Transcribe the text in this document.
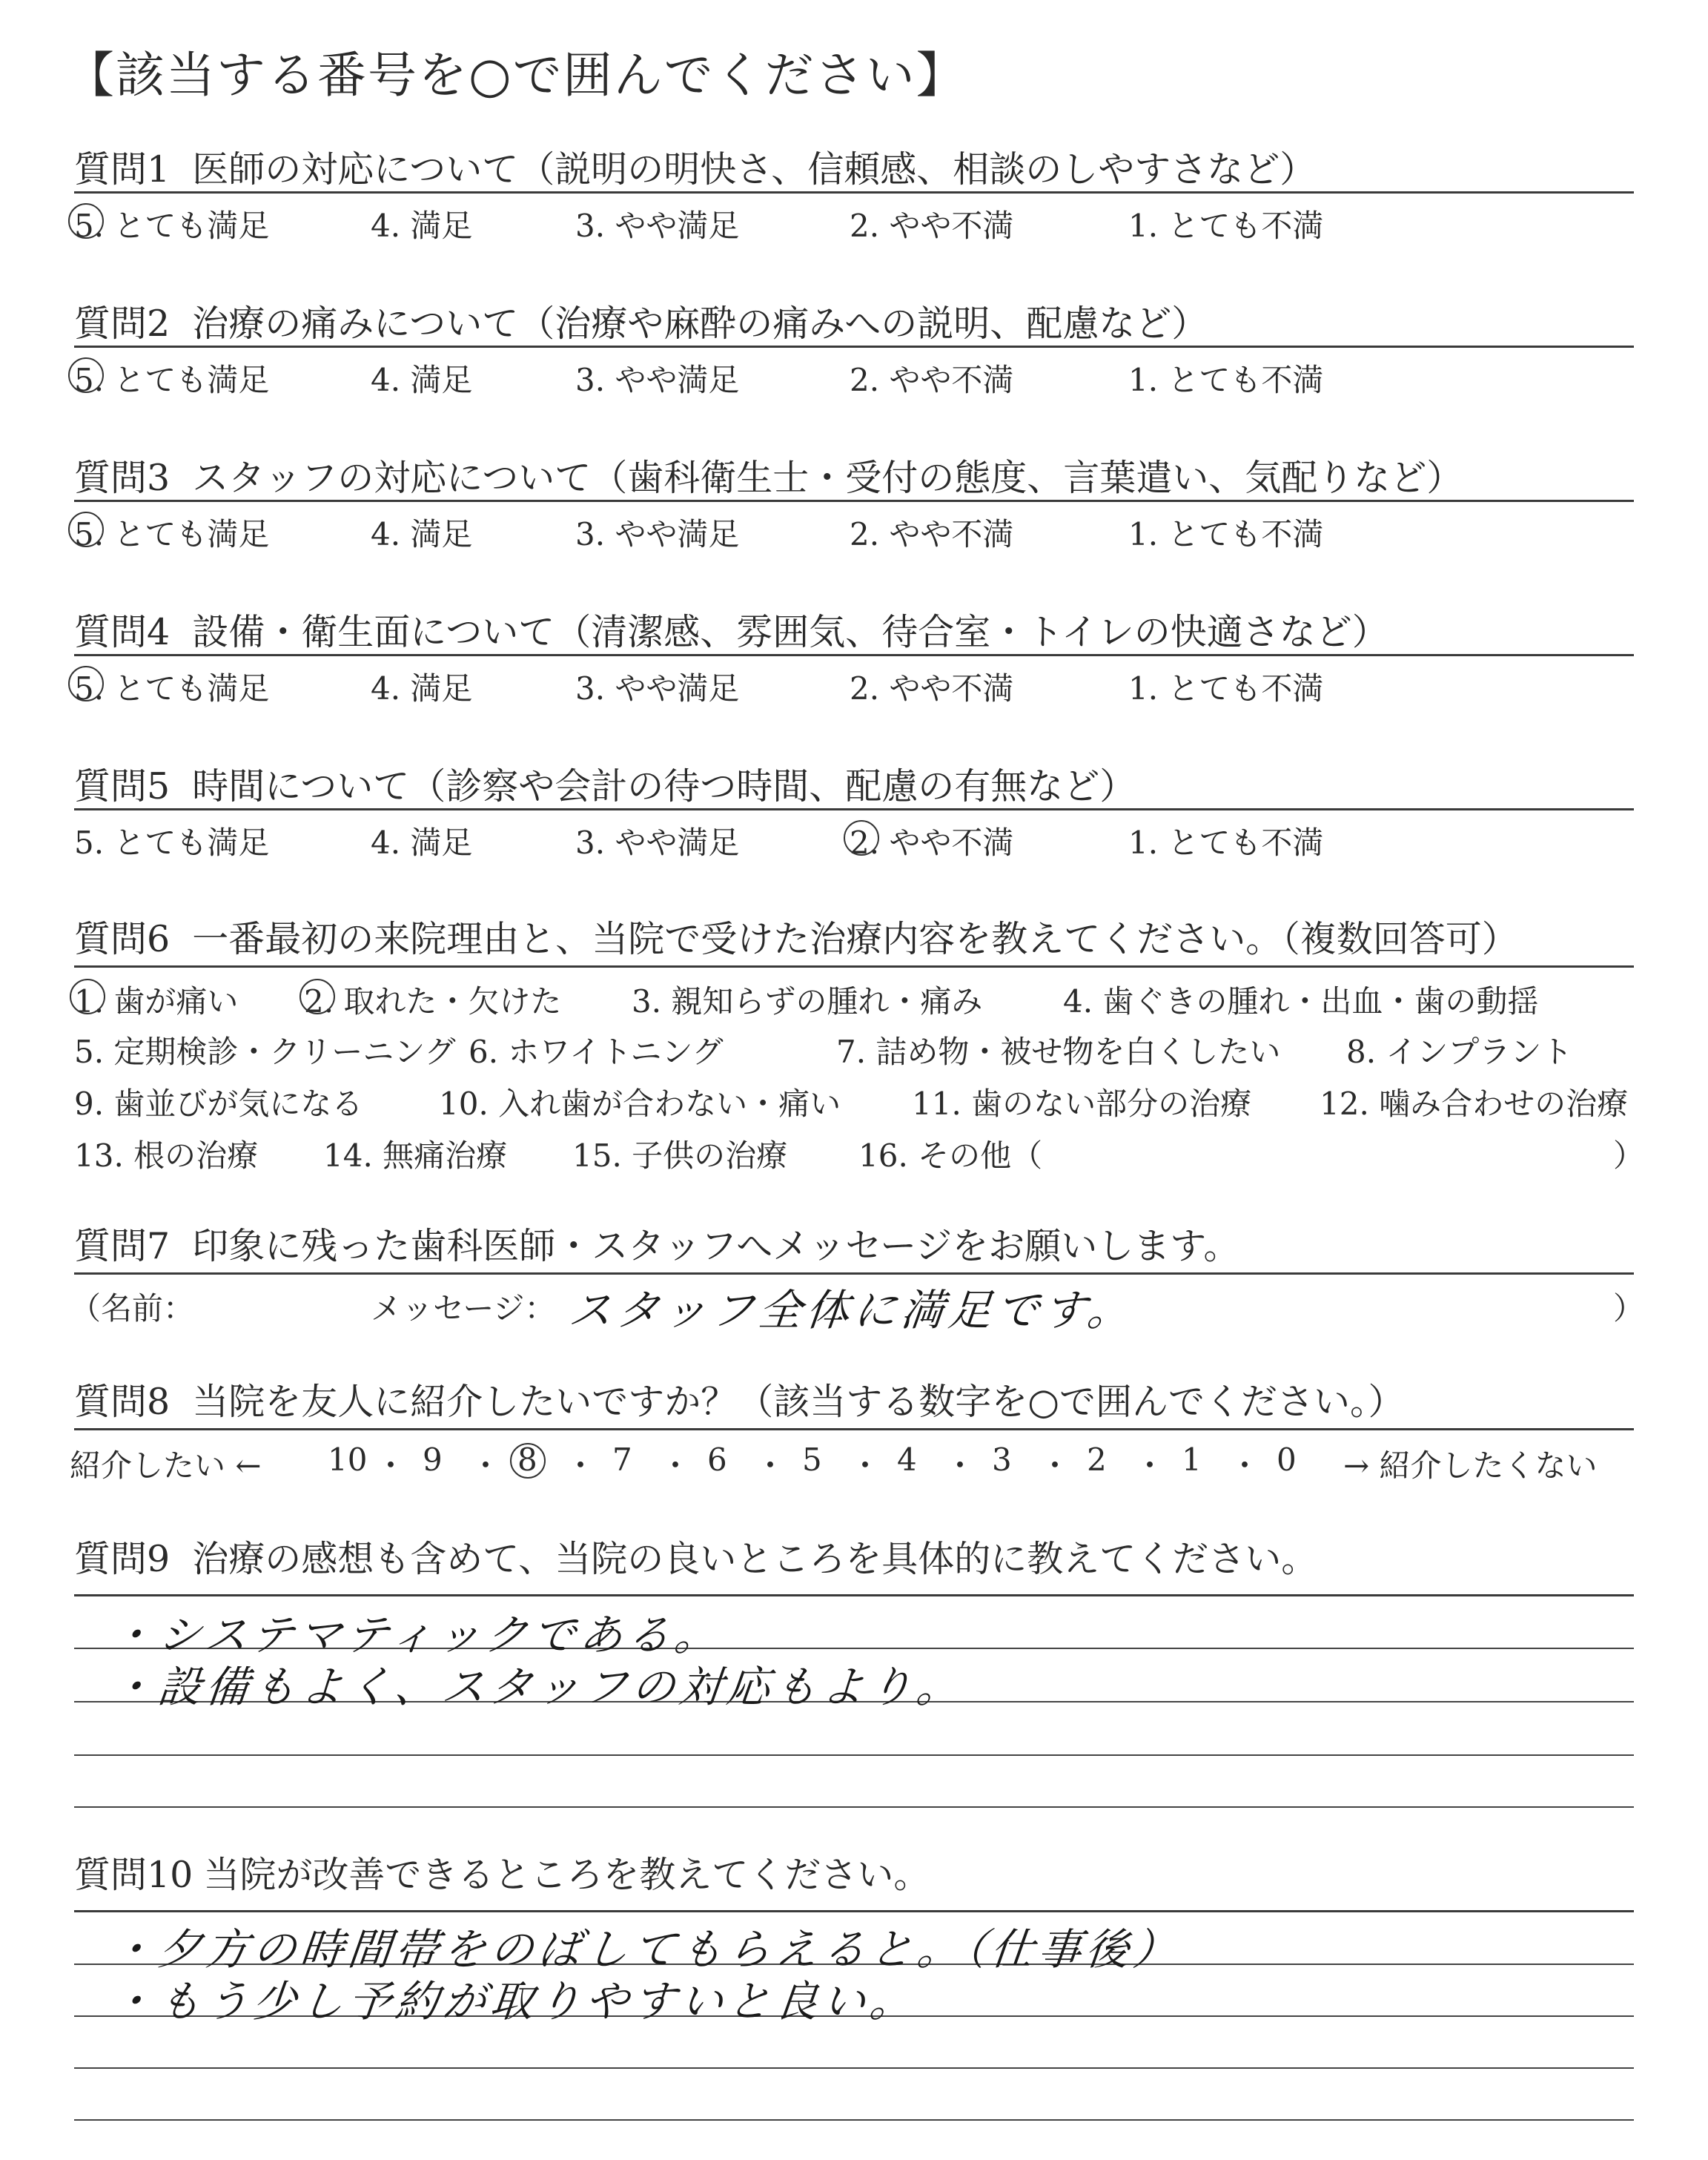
【該当する番号を○で囲んでください】
質問1 医師の対応について（説明の明快さ、信頼感、相談のしやすさなど）
5. とても満足	4. 満足	3. やや満足	2. やや不満	1. とても不満
質問2 治療の痛みについて（治療や麻酔の痛みへの説明、配慮など）
5. とても満足	4. 満足	3. やや満足	2. やや不満	1. とても不満
質問3 スタッフの対応について（歯科衛生士・受付の態度、言葉遣い、気配りなど）
5. とても満足	4. 満足	3. やや満足	2. やや不満	1. とても不満
質問4 設備・衛生面について（清潔感、雰囲気、待合室・トイレの快適さなど）
5. とても満足	4. 満足	3. やや満足	2. やや不満	1. とても不満
質問5 時間について（診察や会計の待つ時間、配慮の有無など）
5. とても満足	4. 満足	3. やや満足	2. やや不満	1. とても不満
質問6 一番最初の来院理由と、当院で受けた治療内容を教えてください。（複数回答可）
1. 歯が痛い 2. 取れた・欠けた 3. 親知らずの腫れ・痛み	4. 歯ぐきの腫れ・出血・歯の動揺
5. 定期検診・クリーニング 6. ホワイトニング	7. 詰め物・被せ物を白くしたい 8. インプラント
9. 歯並びが気になる 10. 入れ歯が合わない・痛い 11. 歯のない部分の治療 12. 噛み合わせの治療
13. 根の治療 14. 無痛治療 15. 子供の治療 16. その他（	）
質問7 印象に残った歯科医師・スタッフへメッセージをお願いします。
（名前：	メッセージ： スタッフ全体に満足です。	）
質問8 当院を友人に紹介したいですか？（該当する数字を○で囲んでください。）
紹介したい ← 10 ・ 9 ・ 8 ・ 7 ・ 6 ・ 5 ・ 4 ・ 3 ・ 2 ・ 1 ・ 0 → 紹介したくない
質問9 治療の感想も含めて、当院の良いところを具体的に教えてください。
・システマティックである。
・設備もよく、スタッフの対応もより。
質問10 当院が改善できるところを教えてください。
・夕方の時間帯をのばしてもらえると。（仕事後）
・もう少し予約が取りやすいと良い。
